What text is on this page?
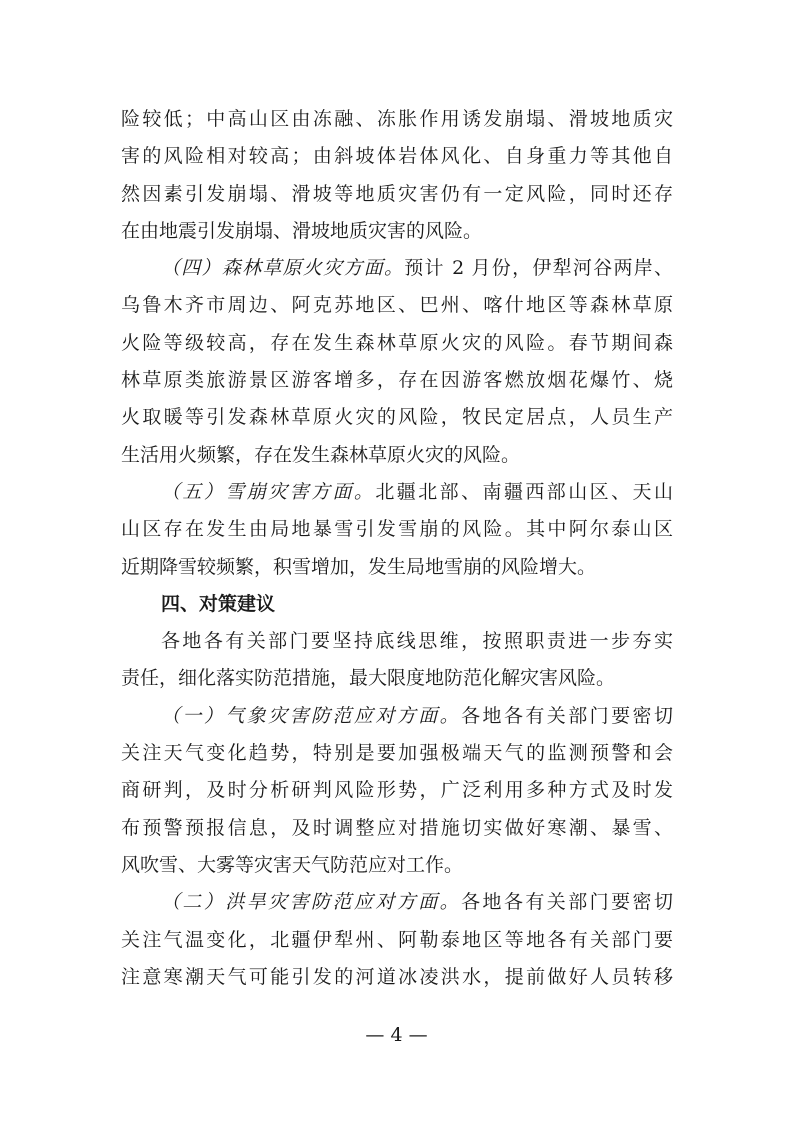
险较低；中高山区由冻融、冻胀作用诱发崩塌、滑坡地质灾
害的风险相对较高；由斜坡体岩体风化、自身重力等其他自
然因素引发崩塌、滑坡等地质灾害仍有一定风险，同时还存
在由地震引发崩塌、滑坡地质灾害的风险。
（四）森林草原火灾方面。预计 2 月份，伊犁河谷两岸、
乌鲁木齐市周边、阿克苏地区、巴州、喀什地区等森林草原
火险等级较高，存在发生森林草原火灾的风险。春节期间森
林草原类旅游景区游客增多，存在因游客燃放烟花爆竹、烧
火取暖等引发森林草原火灾的风险，牧民定居点，人员生产
生活用火频繁，存在发生森林草原火灾的风险。
（五）雪崩灾害方面。北疆北部、南疆西部山区、天山
山区存在发生由局地暴雪引发雪崩的风险。其中阿尔泰山区
近期降雪较频繁，积雪增加，发生局地雪崩的风险增大。
四、对策建议
各地各有关部门要坚持底线思维，按照职责进一步夯实
责任，细化落实防范措施，最大限度地防范化解灾害风险。
（一）气象灾害防范应对方面。各地各有关部门要密切
关注天气变化趋势，特别是要加强极端天气的监测预警和会
商研判，及时分析研判风险形势，广泛利用多种方式及时发
布预警预报信息，及时调整应对措施切实做好寒潮、暴雪、
风吹雪、大雾等灾害天气防范应对工作。
（二）洪旱灾害防范应对方面。各地各有关部门要密切
关注气温变化，北疆伊犁州、阿勒泰地区等地各有关部门要
注意寒潮天气可能引发的河道冰凌洪水，提前做好人员转移
— 4 —
